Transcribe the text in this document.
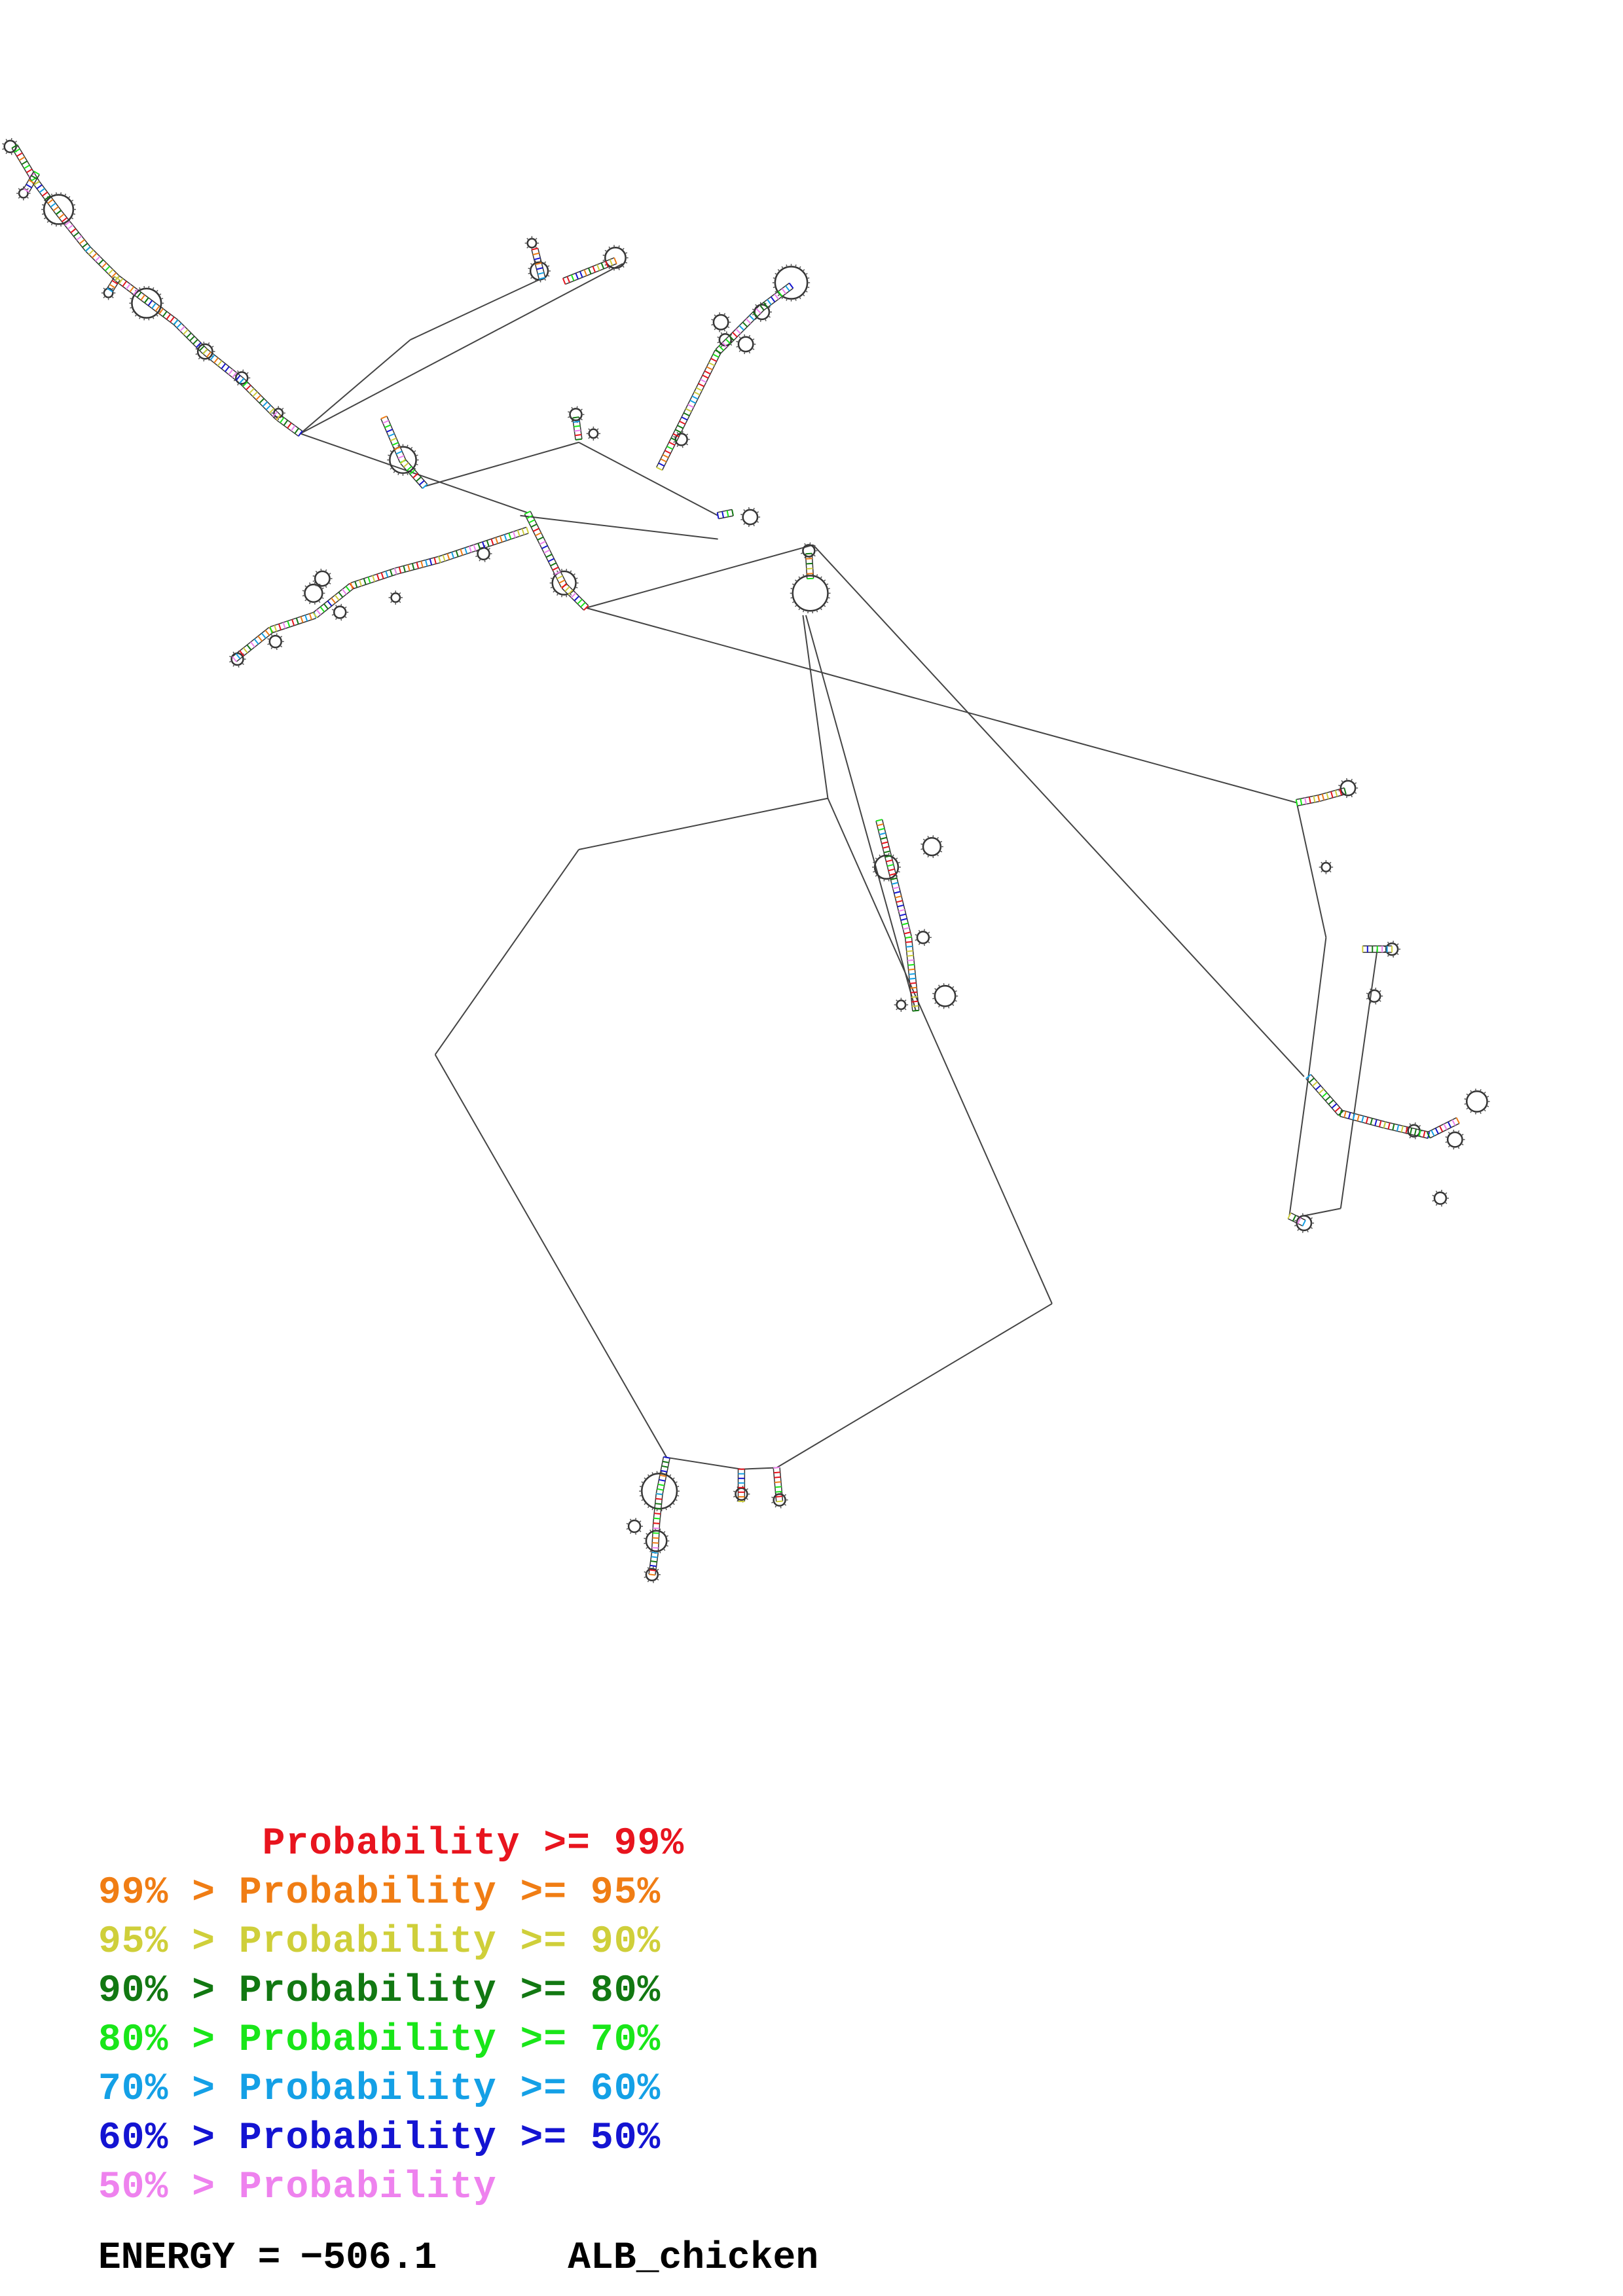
Probability >= 99%
99% > Probability >= 95%
95% > Probability >= 90%
90% > Probability >= 80%
80% > Probability >= 70%
70% > Probability >= 60%
60% > Probability >= 50%
50% > Probability
ENERGY = −506.1	ALB_chicken
